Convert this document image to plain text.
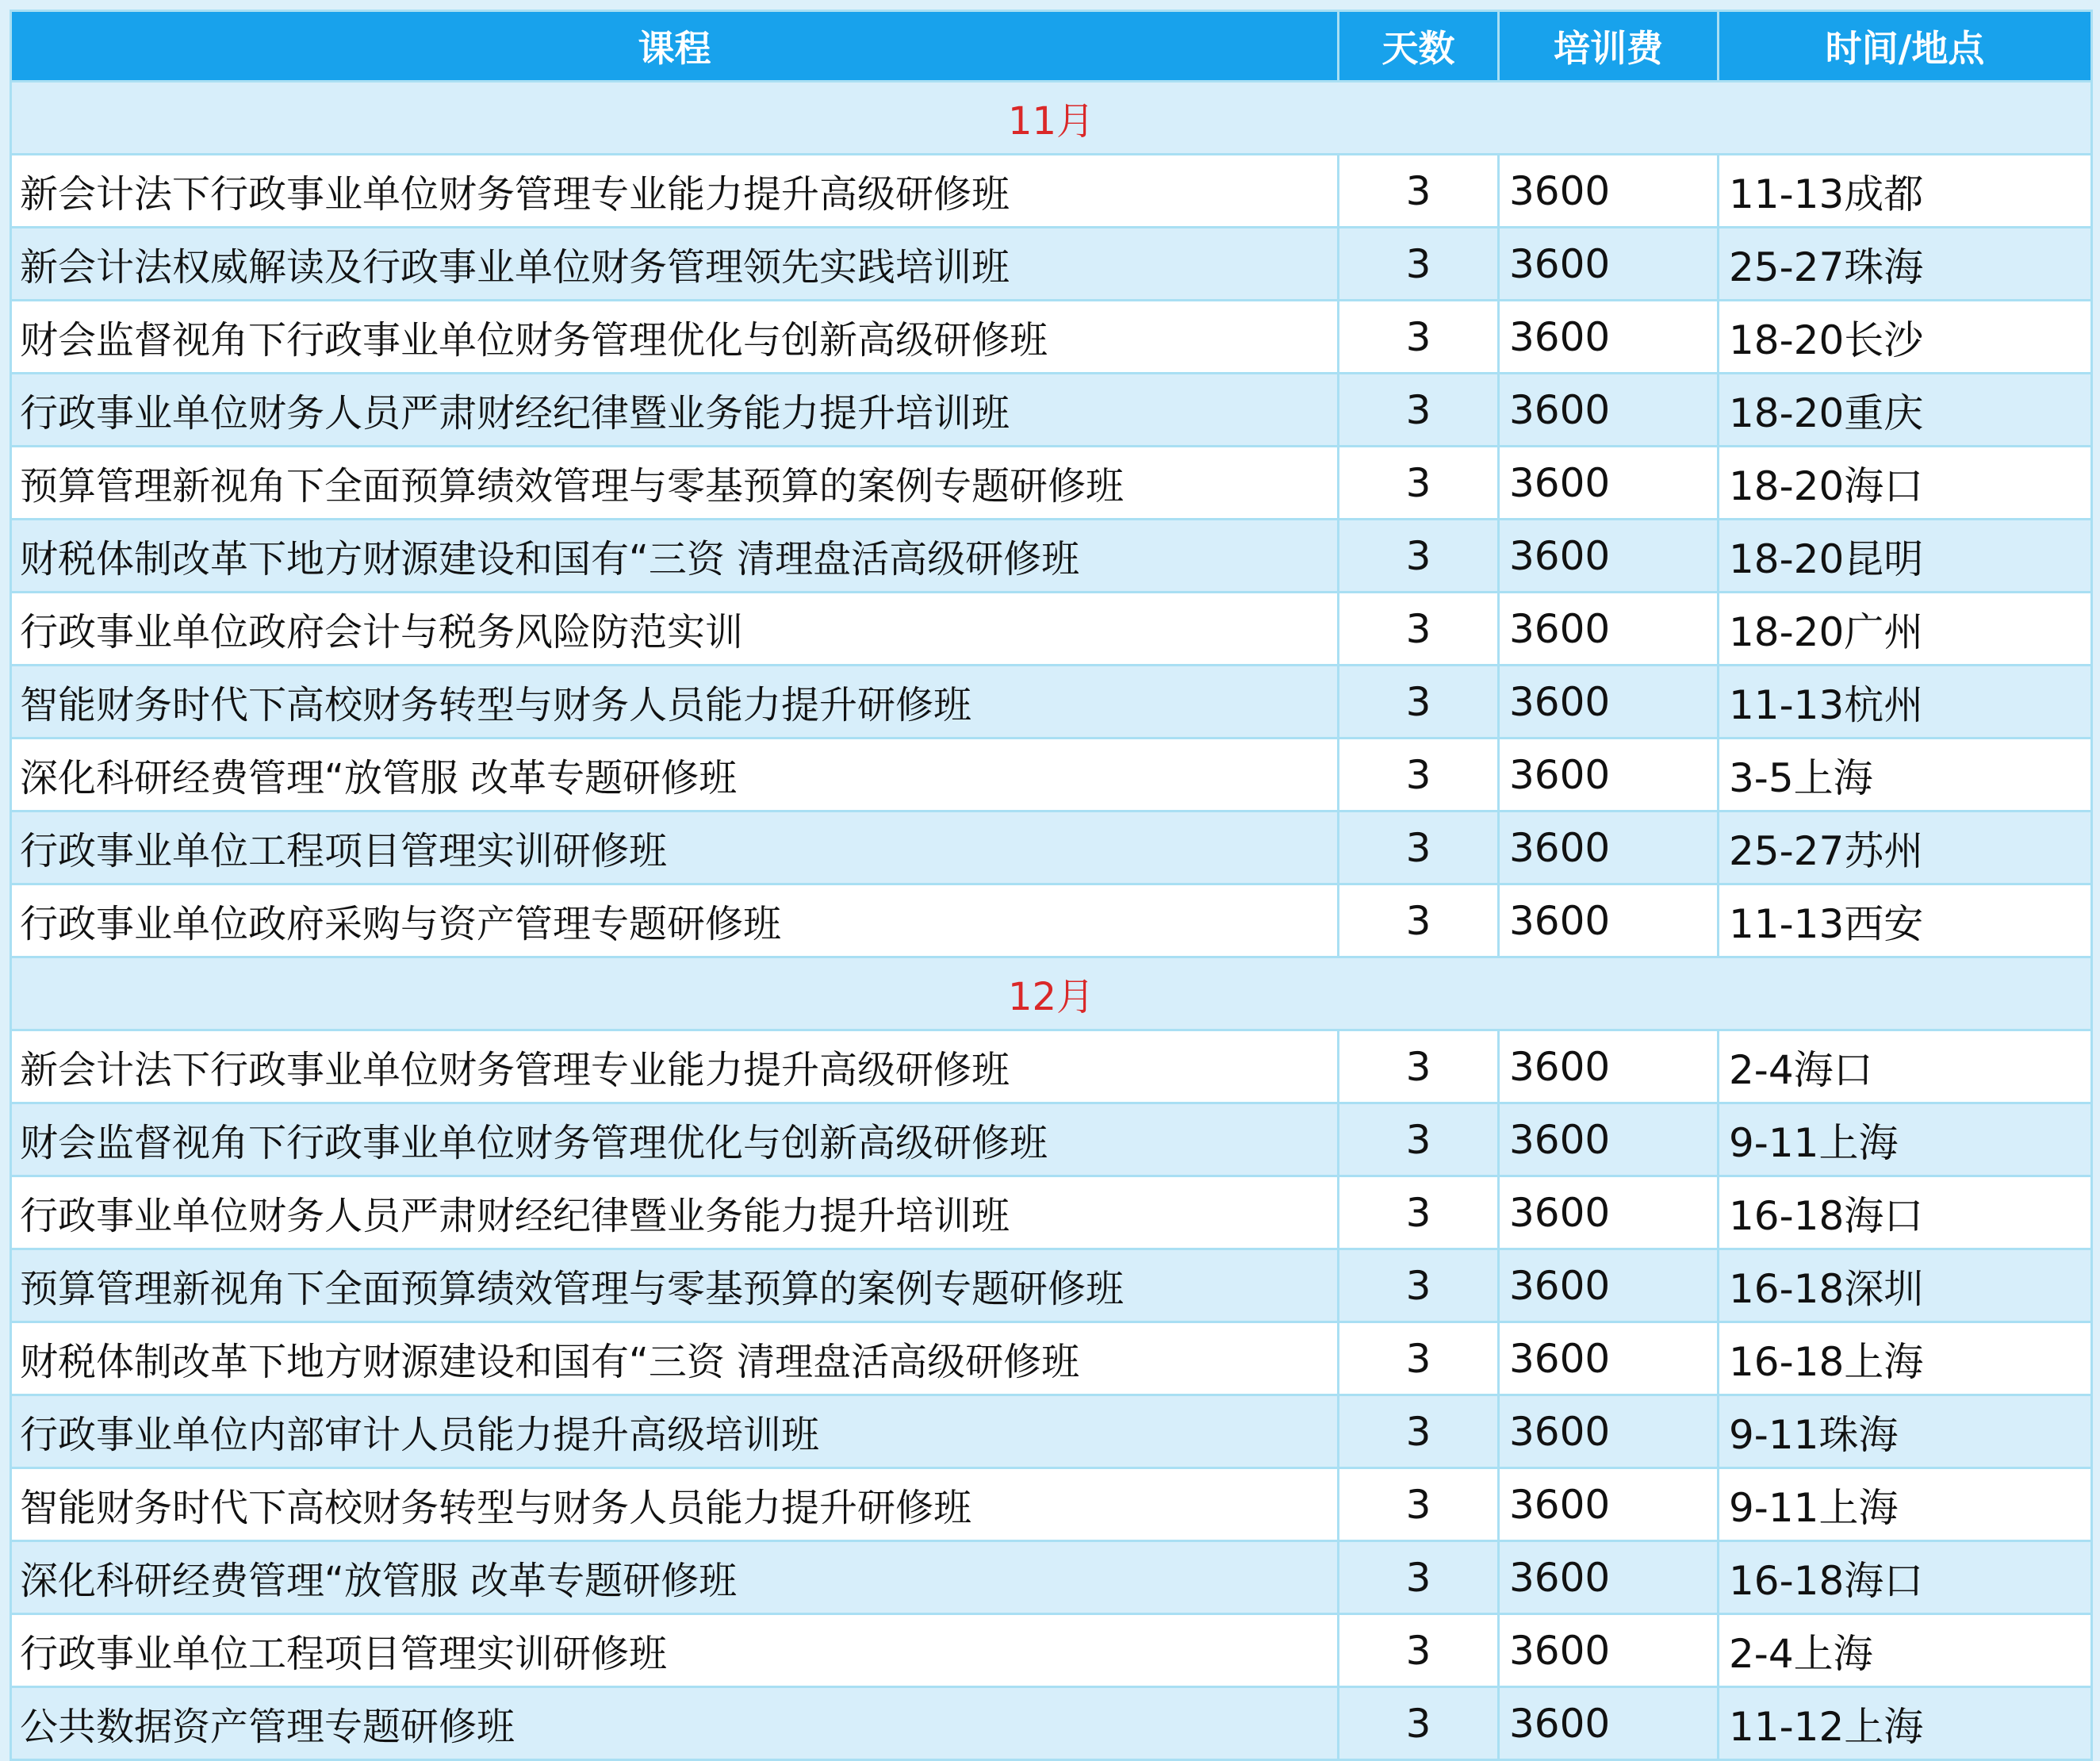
课程	天数	培训费	时间/地点
11月			
新会计法下行政事业单位财务管理专业能力提升高级研修班	3	3600	11-13成都
新会计法权威解读及行政事业单位财务管理领先实践培训班	3	3600	25-27珠海
财会监督视角下行政事业单位财务管理优化与创新高级研修班	3	3600	18-20长沙
行政事业单位财务人员严肃财经纪律暨业务能力提升培训班	3	3600	18-20重庆
预算管理新视角下全面预算绩效管理与零基预算的案例专题研修班	3	3600	18-20海口
财税体制改革下地方财源建设和国有“三资 清理盘活高级研修班	3	3600	18-20昆明
行政事业单位政府会计与税务风险防范实训	3	3600	18-20广州
智能财务时代下高校财务转型与财务人员能力提升研修班	3	3600	11-13杭州
深化科研经费管理“放管服 改革专题研修班	3	3600	3-5上海
行政事业单位工程项目管理实训研修班	3	3600	25-27苏州
行政事业单位政府采购与资产管理专题研修班	3	3600	11-13西安
12月			
新会计法下行政事业单位财务管理专业能力提升高级研修班	3	3600	2-4海口
财会监督视角下行政事业单位财务管理优化与创新高级研修班	3	3600	9-11上海
行政事业单位财务人员严肃财经纪律暨业务能力提升培训班	3	3600	16-18海口
预算管理新视角下全面预算绩效管理与零基预算的案例专题研修班	3	3600	16-18深圳
财税体制改革下地方财源建设和国有“三资 清理盘活高级研修班	3	3600	16-18上海
行政事业单位内部审计人员能力提升高级培训班	3	3600	9-11珠海
智能财务时代下高校财务转型与财务人员能力提升研修班	3	3600	9-11上海
深化科研经费管理“放管服 改革专题研修班	3	3600	16-18海口
行政事业单位工程项目管理实训研修班	3	3600	2-4上海
公共数据资产管理专题研修班	3	3600	11-12上海
